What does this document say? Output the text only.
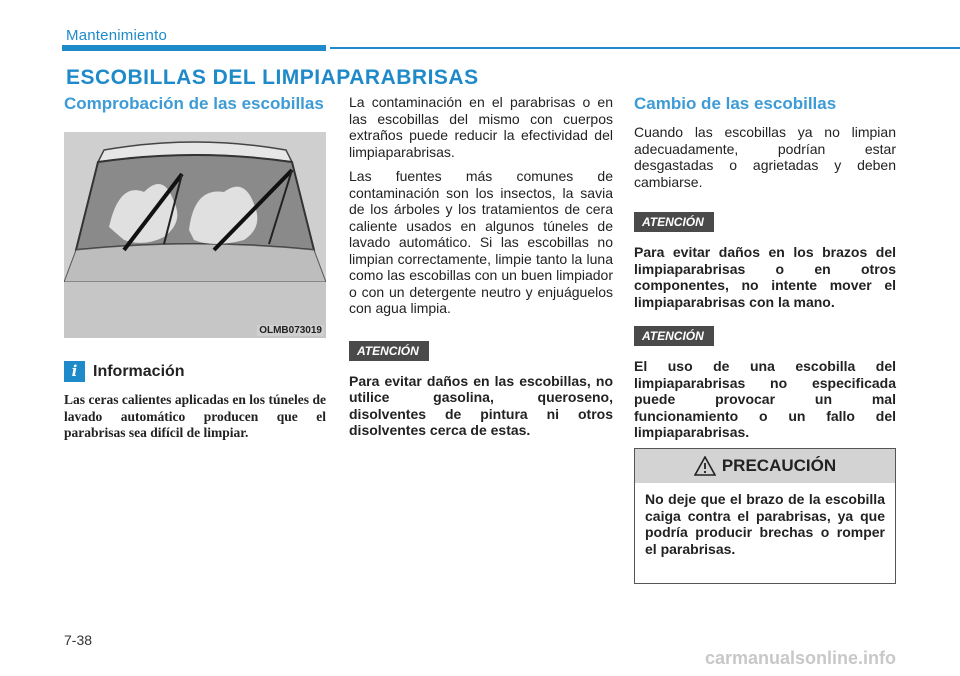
Mantenimiento
ESCOBILLAS DEL LIMPIAPARABRISAS
Comprobación de las escobillas
OLMB073019
i Información
Las ceras calientes aplicadas en los túneles de lavado automático producen que el parabrisas sea difícil de limpiar.
La contaminación en el parabrisas o en las escobillas del mismo con cuerpos extraños puede reducir la efectividad del limpiaparabrisas.
Las fuentes más comunes de contaminación son los insectos, la savia de los árboles y los tratamientos de cera caliente usados en algunos túneles de lavado automático. Si las escobillas no limpian correctamente, limpie tanto la luna como las escobillas con un buen limpiador o con un detergente neutro y enjuáguelos con agua limpia.
ATENCIÓN
Para evitar daños en las escobillas, no utilice gasolina, queroseno, disolventes de pintura ni otros disolventes cerca de estas.
Cambio de las escobillas
Cuando las escobillas ya no limpian adecuadamente, podrían estar desgastadas o agrietadas y deben cambiarse.
ATENCIÓN
Para evitar daños en los brazos del limpiaparabrisas o en otros componentes, no intente mover el limpiaparabrisas con la mano.
ATENCIÓN
El uso de una escobilla del limpiaparabrisas no especificada puede provocar un mal funcionamiento o un fallo del limpiaparabrisas.
PRECAUCIÓN
No deje que el brazo de la escobilla caiga contra el parabrisas, ya que podría producir brechas o romper el parabrisas.
7-38
carmanualsonline.info
